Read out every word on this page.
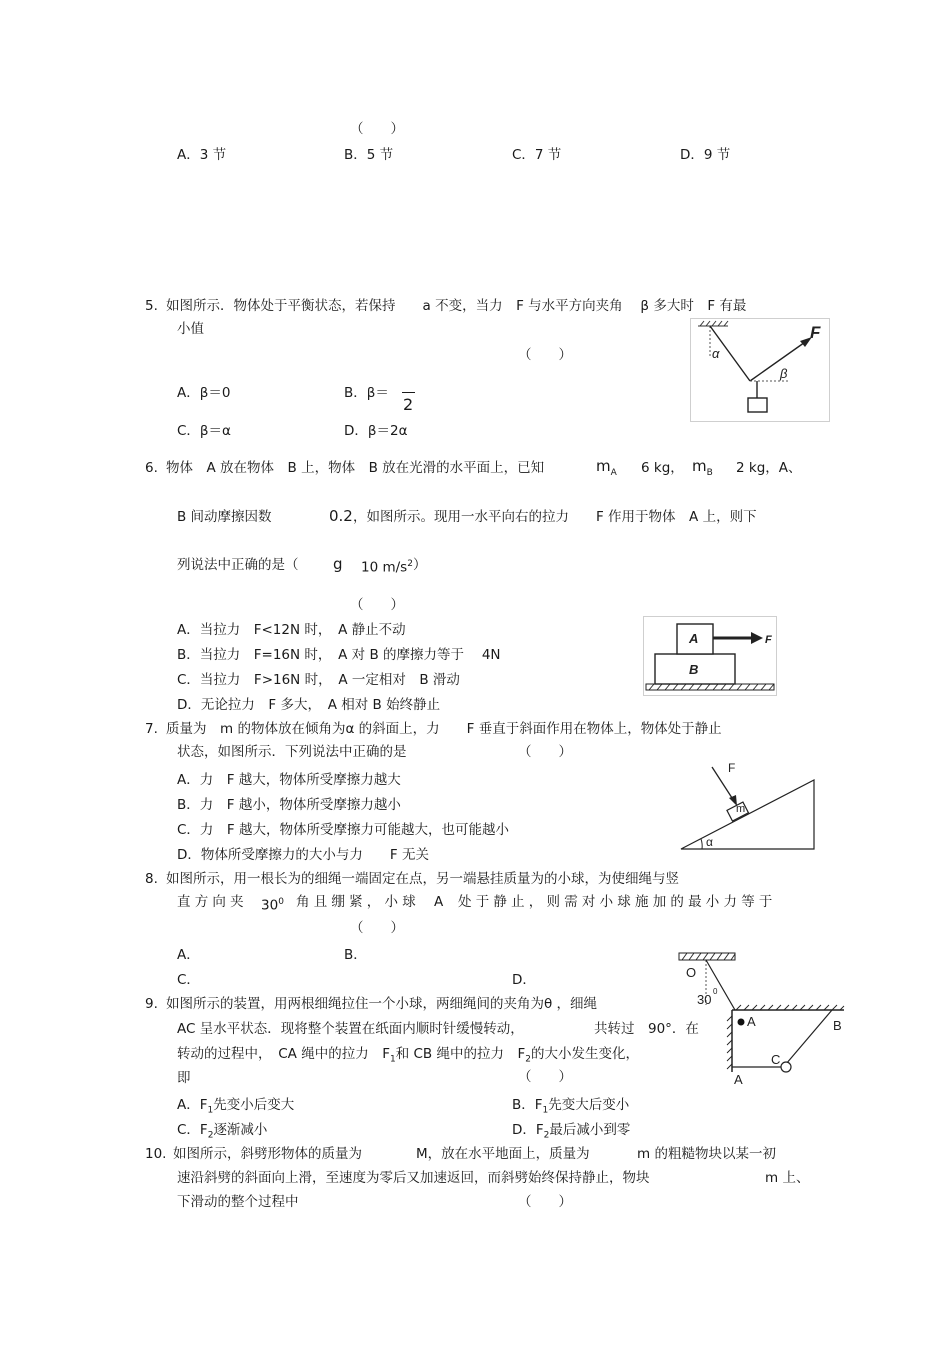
（　　）
A．3 节	B．5 节	C．7 节	D．9 节
5. 如图所示．物体处于平衡状态，若保持　　a 不变，当力　F 与水平方向夹角　 β 多大时　F 有最
小值
（　　）
A．β＝0	B．β＝
2
C．β＝α	D．β＝2α
α
β
F
6. 物体　A 放在物体　B 上，物体　B 放在光滑的水平面上，已知	$m_A$ 6 kg， $m_B$ 2 kg，A、
B 间动摩擦因数	0.2 ，如图所示。现用一水平向右的拉力　　F 作用于物体　A 上，则下
列说法中正确的是（ g 10 $m/s^2$ ）
（　　）
A．当拉力　F<12N 时，　A 静止不动
B．当拉力　F=16N 时，　A 对 B 的摩擦力等于　 4N
C．当拉力　F>16N 时，　A 一定相对　B 滑动
D．无论拉力　F 多大，　A 相对 B 始终静止
A
B
F
7. 质量为　m 的物体放在倾角为α 的斜面上，力　　F 垂直于斜面作用在物体上，物体处于静止
状态，如图所示．下列说法中正确的是	（　　）
A．力　F 越大，物体所受摩擦力越大
B．力　F 越小，物体所受摩擦力越小
C．力　F 越大，物体所受摩擦力可能越大，也可能越小
D．物体所受摩擦力的大小与力　　F 无关
F
m
α
8. 如图所示，用一根长为的细绳一端固定在点，另一端悬挂质量为的小球，为使细绳与竖
直方向夹 $30^0$ 角且绷紧，小球 A 处于静止，则需对小球施加的最小力等于
（　　）
A．	B．
C．	D．	O
30
0
9. 如图所示的装置，用两根细绳拉住一个小球，两细绳间的夹角为θ ，细绳
AC 呈水平状态．现将整个装置在纸面内顺时针缓慢转动，	共转过　90°．在
转动的过程中，　CA 绳中的拉力　$F_1$和 CB 绳中的拉力　$F_2$的大小发生变化，
即	（　　）
A．$F_1$先变小后变大	B．$F_1$先变大后变小
C．$F_2$逐渐减小	D．$F_2$最后减小到零
A	B
C
A
10. 如图所示，斜劈形物体的质量为	M，放在水平地面上，质量为	m 的粗糙物块以某一初
速沿斜劈的斜面向上滑，至速度为零后又加速返回，而斜劈始终保持静止，物块	m 上、
下滑动的整个过程中	（　　）
